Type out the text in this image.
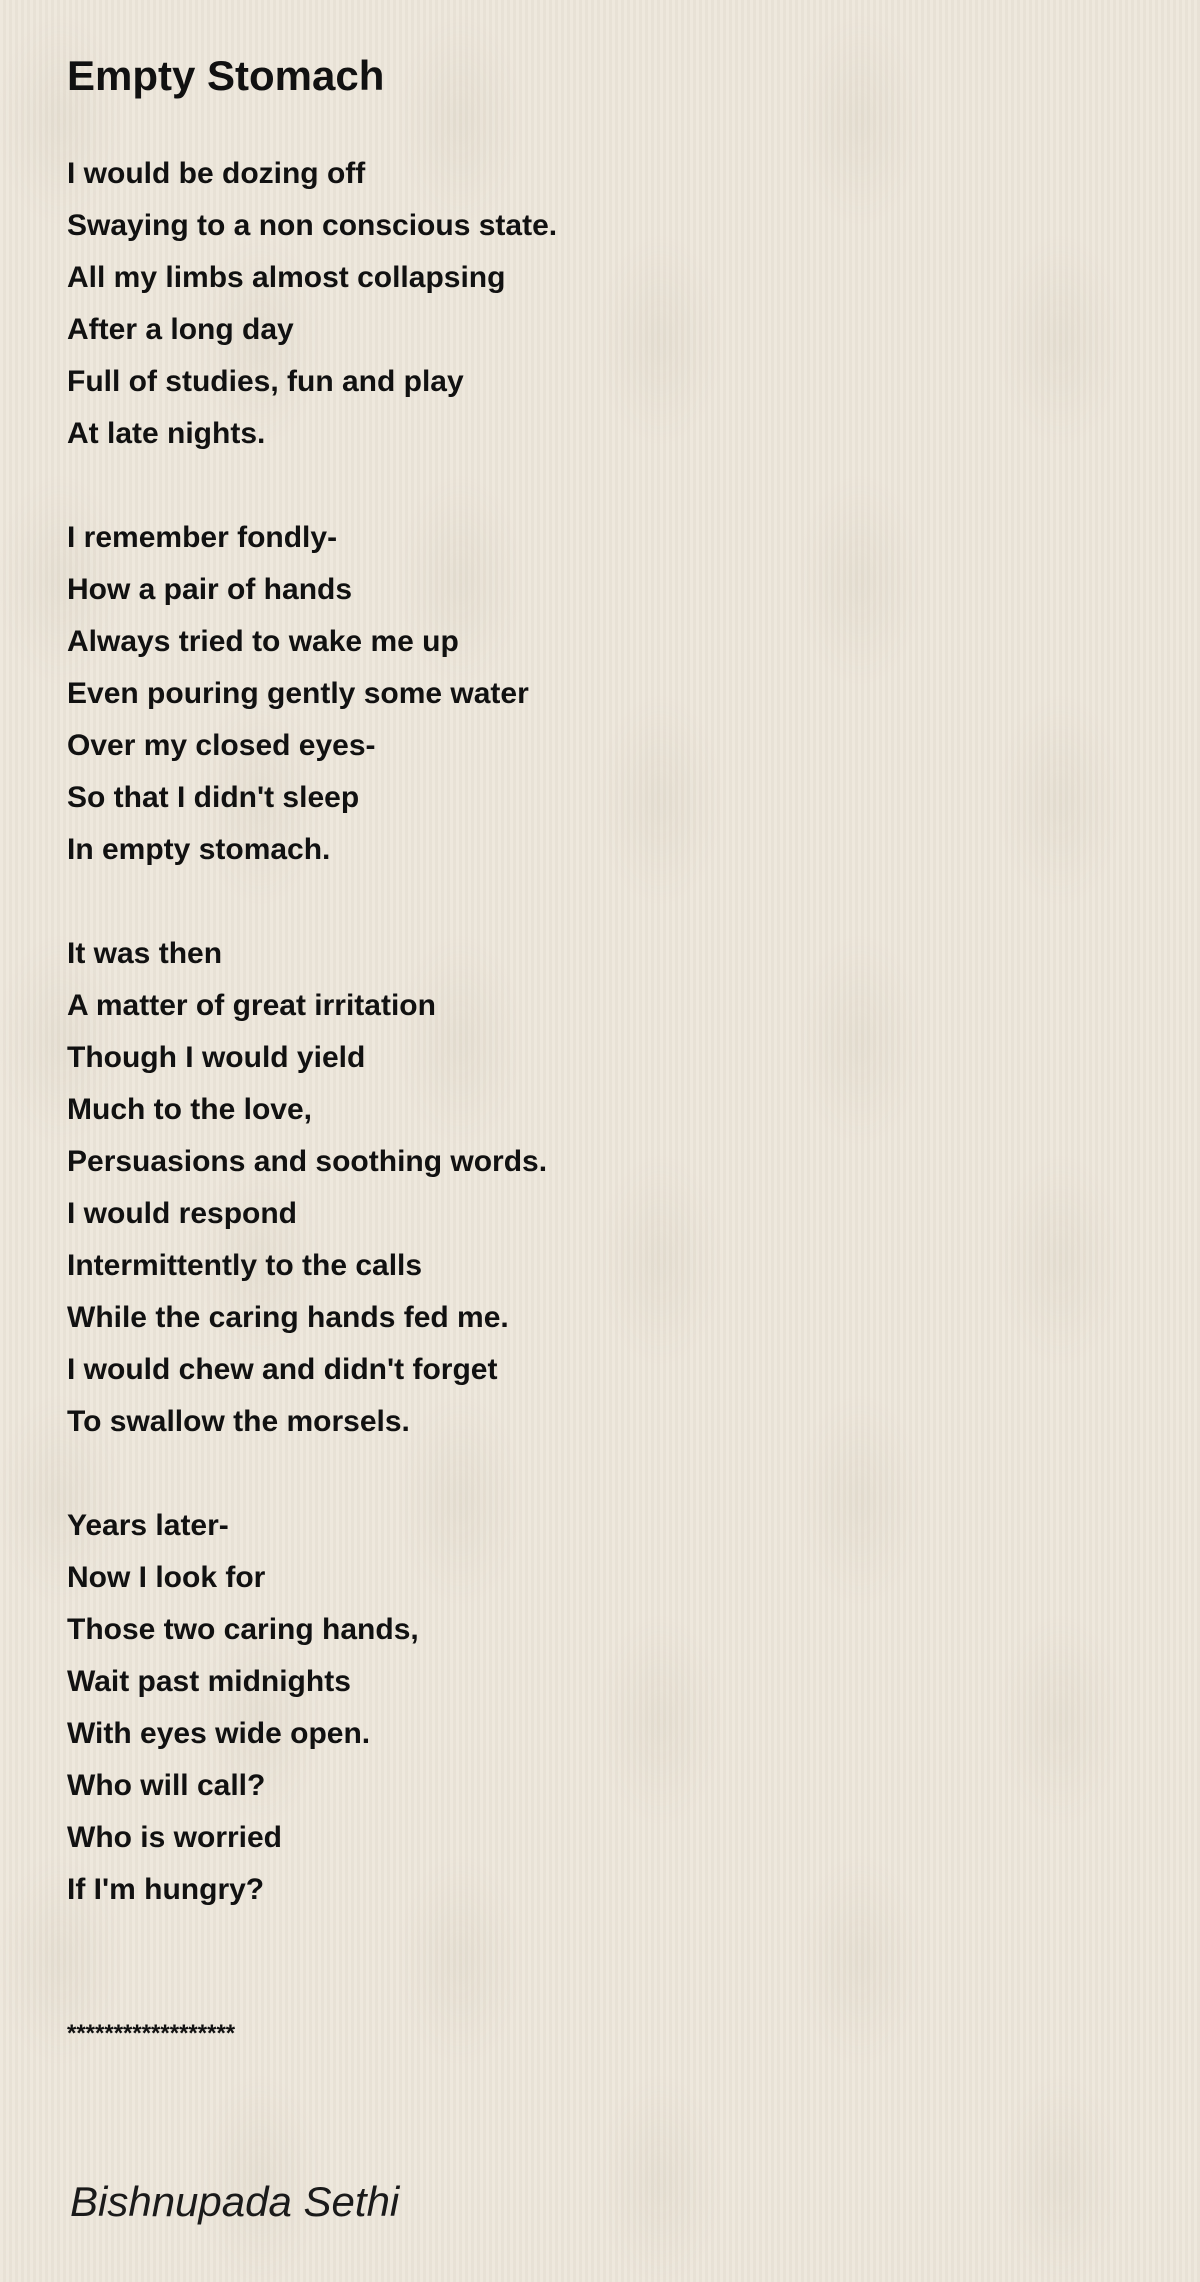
Empty Stomach
I would be dozing off
Swaying to a non conscious state.
All my limbs almost collapsing
After a long day
Full of studies, fun and play
At late nights.
I remember fondly-
How a pair of hands
Always tried to wake me up
Even pouring gently some water
Over my closed eyes-
So that I didn't sleep
In empty stomach.
It was then
A matter of great irritation
Though I would yield
Much to the love,
Persuasions and soothing words.
I would respond
Intermittently to the calls
While the caring hands fed me.
I would chew and didn't forget
To swallow the morsels.
Years later-
Now I look for
Those two caring hands,
Wait past midnights
With eyes wide open.
Who will call?
Who is worried
If I'm hungry?
******************
Bishnupada Sethi
